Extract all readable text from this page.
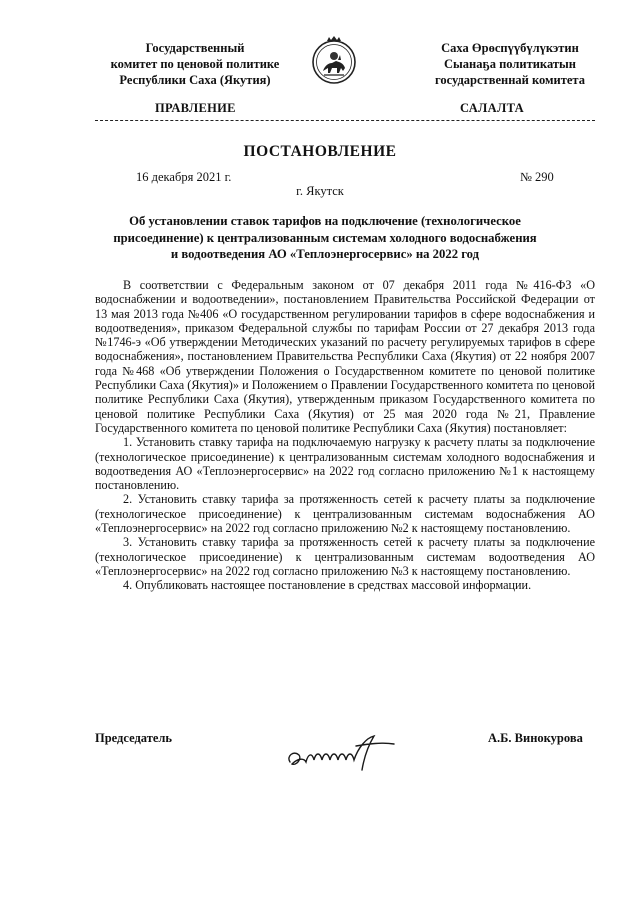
Государственный
комитет по ценовой политике
Республики Саха (Якутия)
Саха Өрөспүүбүлүкэтин
Сыанаҕа политикатын
государственнай комитета
ПРАВЛЕНИЕ	САЛАЛТА
ПОСТАНОВЛЕНИЕ
16 декабря 2021 г.	№ 290
г. Якутск
Об установлении ставок тарифов на подключение (технологическое присоединение) к централизованным системам холодного водоснабжения и водоотведения АО «Теплоэнергосервис» на 2022 год

В соответствии с Федеральным законом от 07 декабря 2011 года №416-ФЗ «О водоснабжении и водоотведении», постановлением Правительства Российской Федерации от 13 мая 2013 года №406 «О государственном регулировании тарифов в сфере водоснабжения и водоотведения», приказом Федеральной службы по тарифам России от 27 декабря 2013 года №1746-э «Об утверждении Методических указаний по расчету регулируемых тарифов в сфере водоснабжения», постановлением Правительства Республики Саха (Якутия) от 22 ноября 2007 года №468 «Об утверждении Положения о Государственном комитете по ценовой политике Республики Саха (Якутия)» и Положением о Правлении Государственного комитета по ценовой политике Республики Саха (Якутия), утвержденным приказом Государственного комитета по ценовой политике Республики Саха (Якутия) от 25 мая 2020 года №21, Правление Государственного комитета по ценовой политике Республики Саха (Якутия) постановляет:

1. Установить ставку тарифа на подключаемую нагрузку к расчету платы за подключение (технологическое присоединение) к централизованным системам холодного водоснабжения и водоотведения АО «Теплоэнергосервис» на 2022 год согласно приложению №1 к настоящему постановлению.

2. Установить ставку тарифа за протяженность сетей к расчету платы за подключение (технологическое присоединение) к централизованным системам водоснабжения АО «Теплоэнергосервис» на 2022 год согласно приложению №2 к настоящему постановлению.

3. Установить ставку тарифа за протяженность сетей к расчету платы за подключение (технологическое присоединение) к централизованным системам водоотведения АО «Теплоэнергосервис» на 2022 год согласно приложению №3 к настоящему постановлению.

4. Опубликовать настоящее постановление в средствах массовой информации.

Председатель	А.Б. Винокурова
